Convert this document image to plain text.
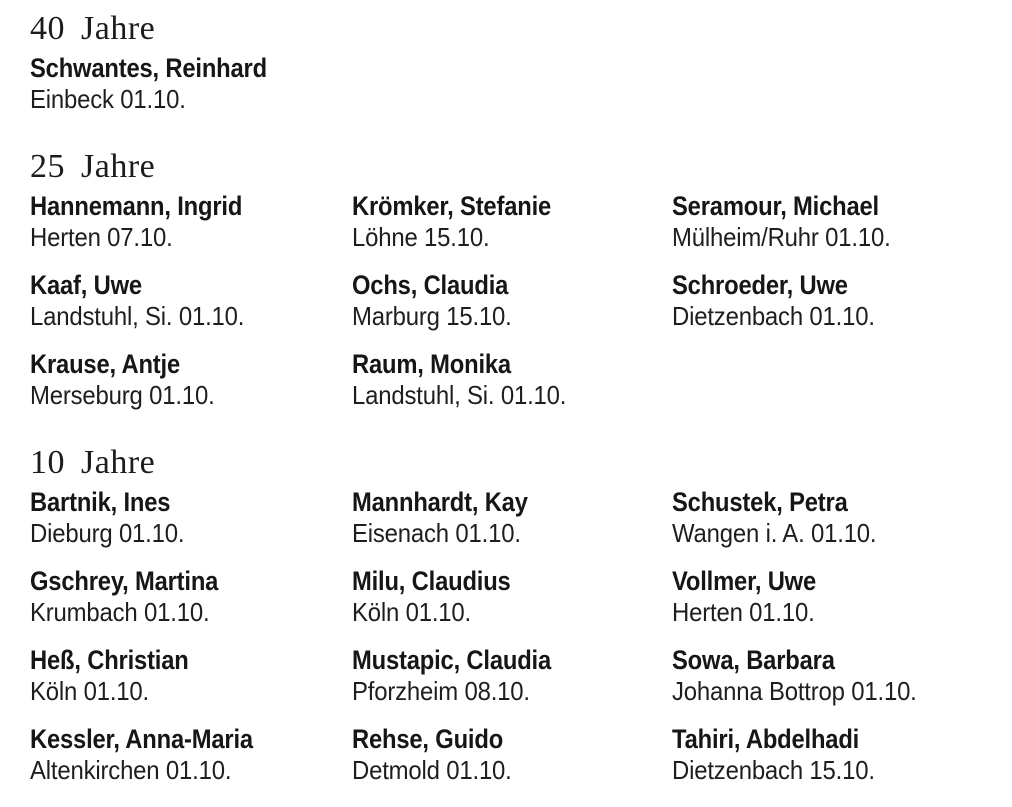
40 Jahre
Schwantes, Reinhard
Einbeck 01.10.
25 Jahre
Hannemann, Ingrid
Herten 07.10.
Krömker, Stefanie
Löhne 15.10.
Seramour, Michael
Mülheim/Ruhr 01.10.
Kaaf, Uwe
Landstuhl, Si. 01.10.
Ochs, Claudia
Marburg 15.10.
Schroeder, Uwe
Dietzenbach 01.10.
Krause, Antje
Merseburg 01.10.
Raum, Monika
Landstuhl, Si. 01.10.
10 Jahre
Bartnik, Ines
Dieburg 01.10.
Mannhardt, Kay
Eisenach 01.10.
Schustek, Petra
Wangen i. A. 01.10.
Gschrey, Martina
Krumbach 01.10.
Milu, Claudius
Köln 01.10.
Vollmer, Uwe
Herten 01.10.
Heß, Christian
Köln 01.10.
Mustapic, Claudia
Pforzheim 08.10.
Sowa, Barbara
Johanna Bottrop 01.10.
Kessler, Anna-Maria
Altenkirchen 01.10.
Rehse, Guido
Detmold 01.10.
Tahiri, Abdelhadi
Dietzenbach 15.10.
